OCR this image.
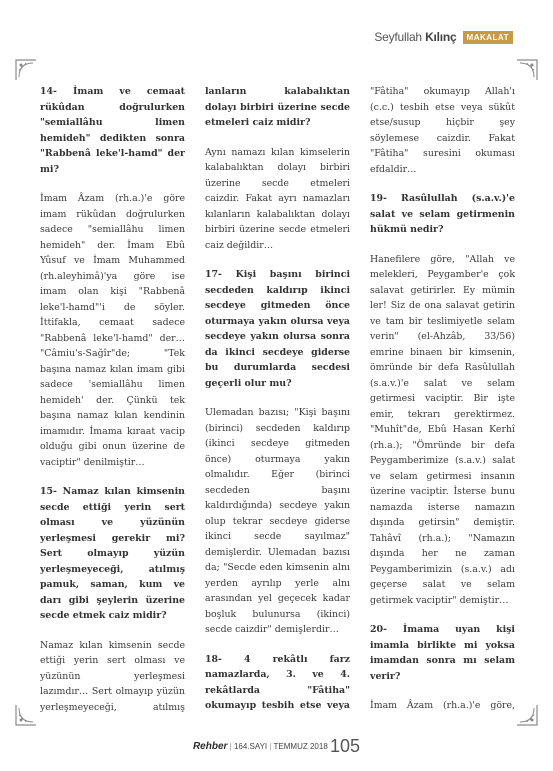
Seyfullah Kılınç	MAKALAT

14- İmam ve cemaat rükûdan doğrulurken "semiallâhu limen hemideh" dedikten sonra "Rabbenâ leke'l-hamd" der mi?

İmam Âzam (rh.a.)'e göre imam rükûdan doğrulurken sadece "semiallâhu limen hemideh" der. İmam Ebû Yûsuf ve İmam Muhammed (rh.aleyhimâ)'ya göre ise imam olan kişi "Rabbenâ leke'l-hamd"'i de söyler. İttifakla, cemaat sadece "Rabbenâ leke'l-hamd" der… "Câmiu's-Sağîr"de; "Tek başına namaz kılan imam gibi sadece 'semiallâhu limen hemideh' der. Çünkü tek başına namaz kılan kendinin imamıdır. İmama kıraat vacip olduğu gibi onun üzerine de vaciptir" denilmiştir…

15- Namaz kılan kimsenin secde ettiği yerin sert olması ve yüzünün yerleşmesi gerekir mi? Sert olmayıp yüzün yerleşmeyeceği, atılmış pamuk, saman, kum ve darı gibi şeylerin üzerine secde etmek caiz midir?

Namaz kılan kimsenin secde ettiği yerin sert olması ve yüzünün yerleşmesi lazımdır… Sert olmayıp yüzün yerleşmeyeceği, atılmış

lanların kalabalıktan dolayı birbiri üzerine secde etmeleri caiz midir?

Aynı namazı kılan kimselerin kalabalıktan dolayı birbiri üzerine secde etmeleri caizdir. Fakat ayrı namazları kılanların kalabalıktan dolayı birbiri üzerine secde etmeleri caiz değildir…

17- Kişi başını birinci secdeden kaldırıp ikinci secdeye gitmeden önce oturmaya yakın olursa veya secdeye yakın olursa sonra da ikinci secdeye giderse bu durumlarda secdesi geçerli olur mu?

Ulemadan bazısı; "Kişi başını (birinci) secdeden kaldırıp (ikinci secdeye gitmeden önce) oturmaya yakın olmalıdır. Eğer (birinci secdeden başını kaldırdığında) secdeye yakın olup tekrar secdeye giderse ikinci secde sayılmaz" demişlerdir. Ulemadan bazısı da; "Secde eden kimsenin alnı yerden ayrılıp yerle alnı arasından yel geçecek kadar boşluk bulunursa (ikinci) secde caizdir" demişlerdir…

18- 4 rekâtlı farz namazlarda, 3. ve 4. rekâtlarda "Fâtiha" okumayıp tesbih etse veya

"Fâtiha" okumayıp Allah'ı (c.c.) tesbih etse veya sükût etse/susup hiçbir şey söylemese caizdir. Fakat "Fâtiha" suresini okuması efdaldir…

19- Rasûlullah (s.a.v.)'e salat ve selam getirmenin hükmü nedir?

Hanefilere göre, "Allah ve melekleri, Peygamber'e çok salavat getirirler. Ey mümin ler! Siz de ona salavat getirin ve tam bir teslimiyetle selam verin" (el-Ahzâb, 33/56) emrine binaen bir kimsenin, ömründe bir defa Rasûlullah (s.a.v.)'e salat ve selam getirmesi vaciptir. Bir işte emir, tekrarı gerektirmez. "Muhît"de, Ebû Hasan Kerhî (rh.a.); "Ömründe bir defa Peygamberimize (s.a.v.) salat ve selam getirmesi insanın üzerine vaciptir. İsterse bunu namazda isterse namazın dışında getirsin" demiştir. Tahâvî (rh.a.); "Namazın dışında her ne zaman Peygamberimizin (s.a.v.) adı geçerse salat ve selam getirmek vaciptir" demiştir…

20- İmama uyan kişi imamla birlikte mi yoksa imamdan sonra mı selam verir?

İmam Âzam (rh.a.)'e göre,

Rehber | 164.SAYI | TEMMUZ 2018 105
